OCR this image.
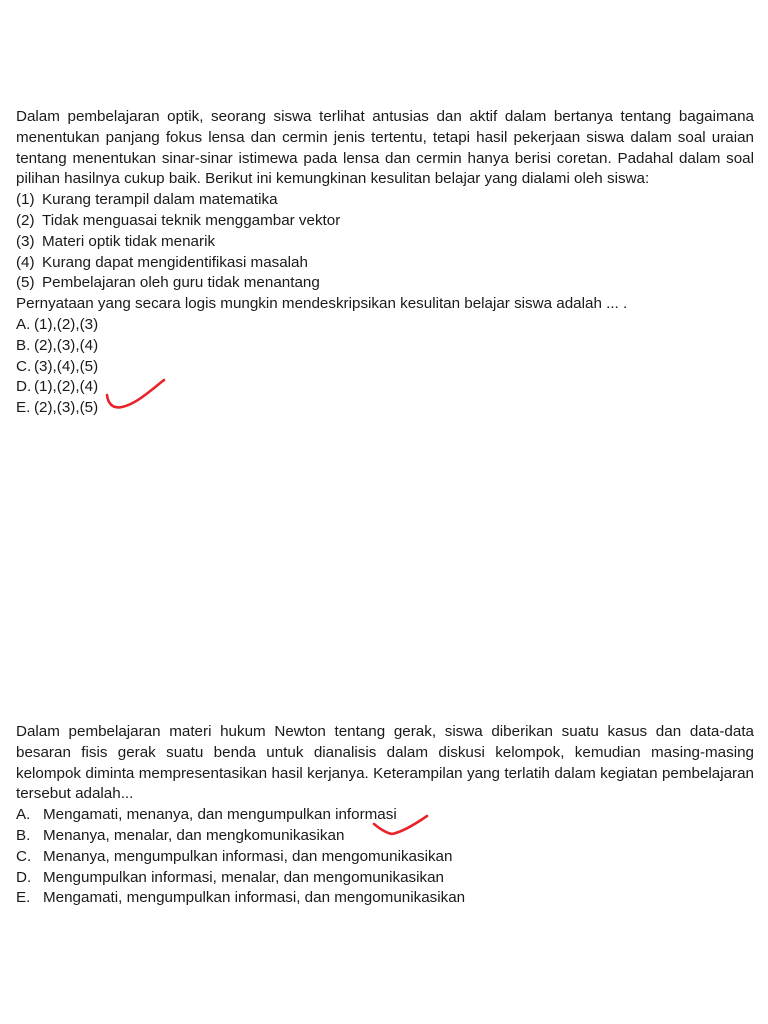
Dalam pembelajaran optik, seorang siswa terlihat antusias dan aktif dalam bertanya tentang bagaimana menentukan panjang fokus lensa dan cermin jenis tertentu, tetapi hasil pekerjaan siswa dalam soal uraian tentang menentukan sinar-sinar istimewa pada lensa dan cermin hanya berisi coretan. Padahal dalam soal pilihan hasilnya cukup baik. Berikut ini kemungkinan kesulitan belajar yang dialami oleh siswa:

(1) Kurang terampil dalam matematika
(2) Tidak menguasai teknik menggambar vektor
(3) Materi optik tidak menarik
(4) Kurang dapat mengidentifikasi masalah
(5) Pembelajaran oleh guru tidak menantang

Pernyataan yang secara logis mungkin mendeskripsikan kesulitan belajar siswa adalah ... .

A. (1),(2),(3)
B. (2),(3),(4)
C. (3),(4),(5)
D. (1),(2),(4)
E. (2),(3),(5)

Dalam pembelajaran materi hukum Newton tentang gerak, siswa diberikan suatu kasus dan data-data besaran fisis gerak suatu benda untuk dianalisis dalam diskusi kelompok, kemudian masing-masing kelompok diminta mempresentasikan hasil kerjanya. Keterampilan yang terlatih dalam kegiatan pembelajaran tersebut adalah...

A. Mengamati, menanya, dan mengumpulkan informasi
B. Menanya, menalar, dan mengkomunikasikan
C. Menanya, mengumpulkan informasi, dan mengomunikasikan
D. Mengumpulkan informasi, menalar, dan mengomunikasikan
E. Mengamati, mengumpulkan informasi, dan mengomunikasikan
